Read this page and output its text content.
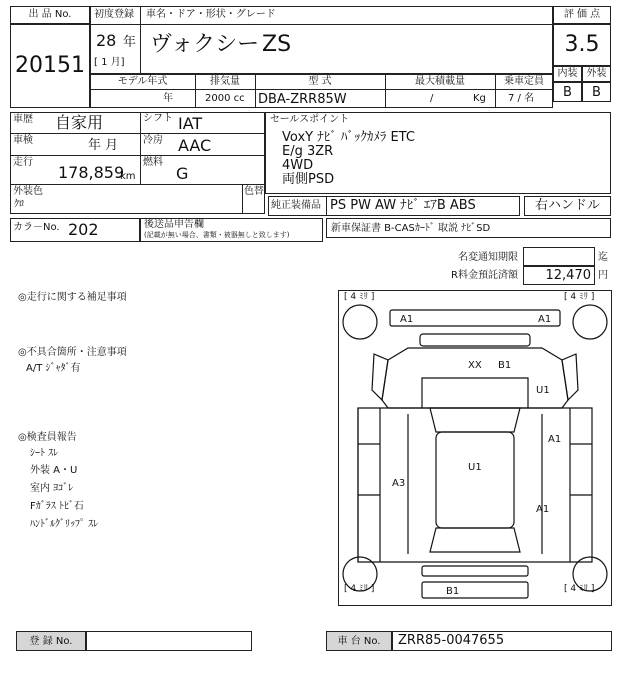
出 品 No.
20151
初度登録 車名・ドア・形状・グレード
28 年
[ 1 月]
ヴォクシー ZS
評 価 点
3.5
内装 外装
B	B
モデル年式	排気量	型 式	最大積載量	乗車定員
年	2000 cc DBA-ZRR85W	/	Kg 7 / 名
車歴 自家用
車検	年 月
走行
178,859
km
シフト IAT
冷房 AAC
燃料
G
外装色
ｸﾛ
色替
カラ－No. 202	後送品申告欄
(記載が無い場合、書類・被器無しと致します)
セールスポイント
VoxY ﾅﾋﾞ ﾊﾞｯｸｶﾒﾗ ETC
E/g 3ZR
4WD
両側PSD
純正装備品 PS PW AW ﾅﾋﾞ ｴｱB ABS	右ハンドル
新車保証書 B-CASｶｰﾄﾞ 取説 ﾅﾋﾞSD
名変通知期限	迄
R料金預託済額	12,470 円
◎走行に関する補足事項
◎不具合箇所・注意事項
A/T ｼﾞｬﾀﾞ有
◎検査員報告
ｼｰﾄ ｽﾚ
外装 A・U
室内 ﾖｺﾞﾚ
Fｶﾞﾗｽ ﾄﾋﾞ石
ﾊﾝﾄﾞﾙｸﾞﾘｯﾌﾟ ｽﾚ
[ 4 ﾐﾘ ]	[ 4 ﾐﾘ ]
[ 4 ﾐﾘ ]	[ 4 ﾐﾘ ]
A1	A1
XX B1
U1
A1
U1
A3
A1
B1
登 録 No.	車 台 No.	ZRR85-0047655
